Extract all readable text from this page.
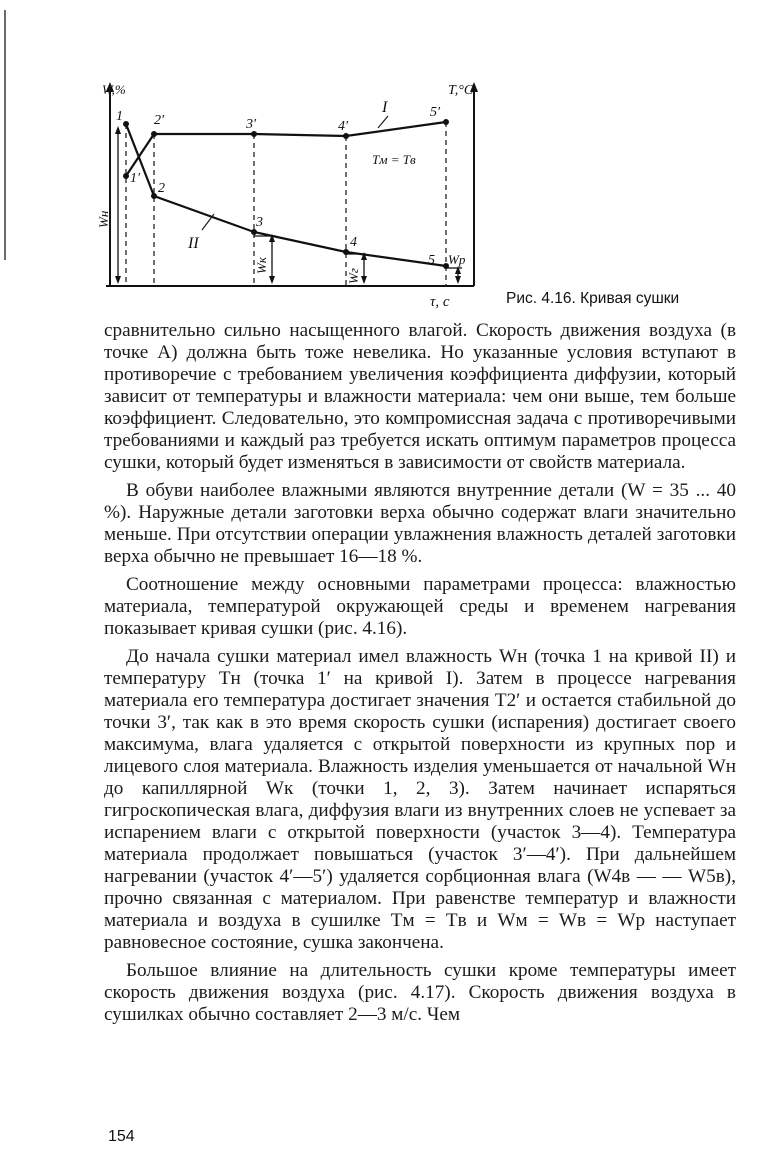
W,%	T,°C
τ, c
I
II
Tм = Tв
1
1′
2′
2
3′
3
4′
4
5′
5
Wн
Wк
Wг
Wр
Рис. 4.16. Кривая сушки

сравнительно сильно насыщенного влагой. Скорость движения воздуха (в точке А) должна быть тоже невелика. Но указанные условия вступают в противоречие с требованием увеличения коэффициента диффузии, который зависит от температуры и влажности материала: чем они выше, тем больше коэффициент. Следовательно, это компромиссная задача с противоречивыми требованиями и каждый раз требуется искать оптимум параметров процесса сушки, который будет изменяться в зависимости от свойств материала.

В обуви наиболее влажными являются внутренние детали (W = 35 ... 40 %). Наружные детали заготовки верха обычно содержат влаги значительно меньше. При отсутствии операции увлажнения влажность деталей заготовки верха обычно не превышает 16—18 %.

Соотношение между основными параметрами процесса: влажностью материала, температурой окружающей среды и временем нагревания показывает кривая сушки (рис. 4.16).

До начала сушки материал имел влажность Wн (точка 1 на кривой II) и температуру Tн (точка 1′ на кривой I). Затем в процессе нагревания материала его температура достигает значения T2′ и остается стабильной до точки 3′, так как в это время скорость сушки (испарения) достигает своего максимума, влага удаляется с открытой поверхности из крупных пор и лицевого слоя материала. Влажность изделия уменьшается от начальной Wн до капиллярной Wк (точки 1, 2, 3). Затем начинает испаряться гигроскопическая влага, диффузия влаги из внутренних слоев не успевает за испарением влаги с открытой поверхности (участок 3—4). Температура материала продолжает повышаться (участок 3′—4′). При дальнейшем нагревании (участок 4′—5′) удаляется сорбционная влага (W4в — — W5в), прочно связанная с материалом. При равенстве температур и влажности материала и воздуха в сушилке Tм = Tв и Wм = Wв = Wр наступает равновесное состояние, сушка закончена.

Большое влияние на длительность сушки кроме температуры имеет скорость движения воздуха (рис. 4.17). Скорость движения воздуха в сушилках обычно составляет 2—3 м/с. Чем

154
